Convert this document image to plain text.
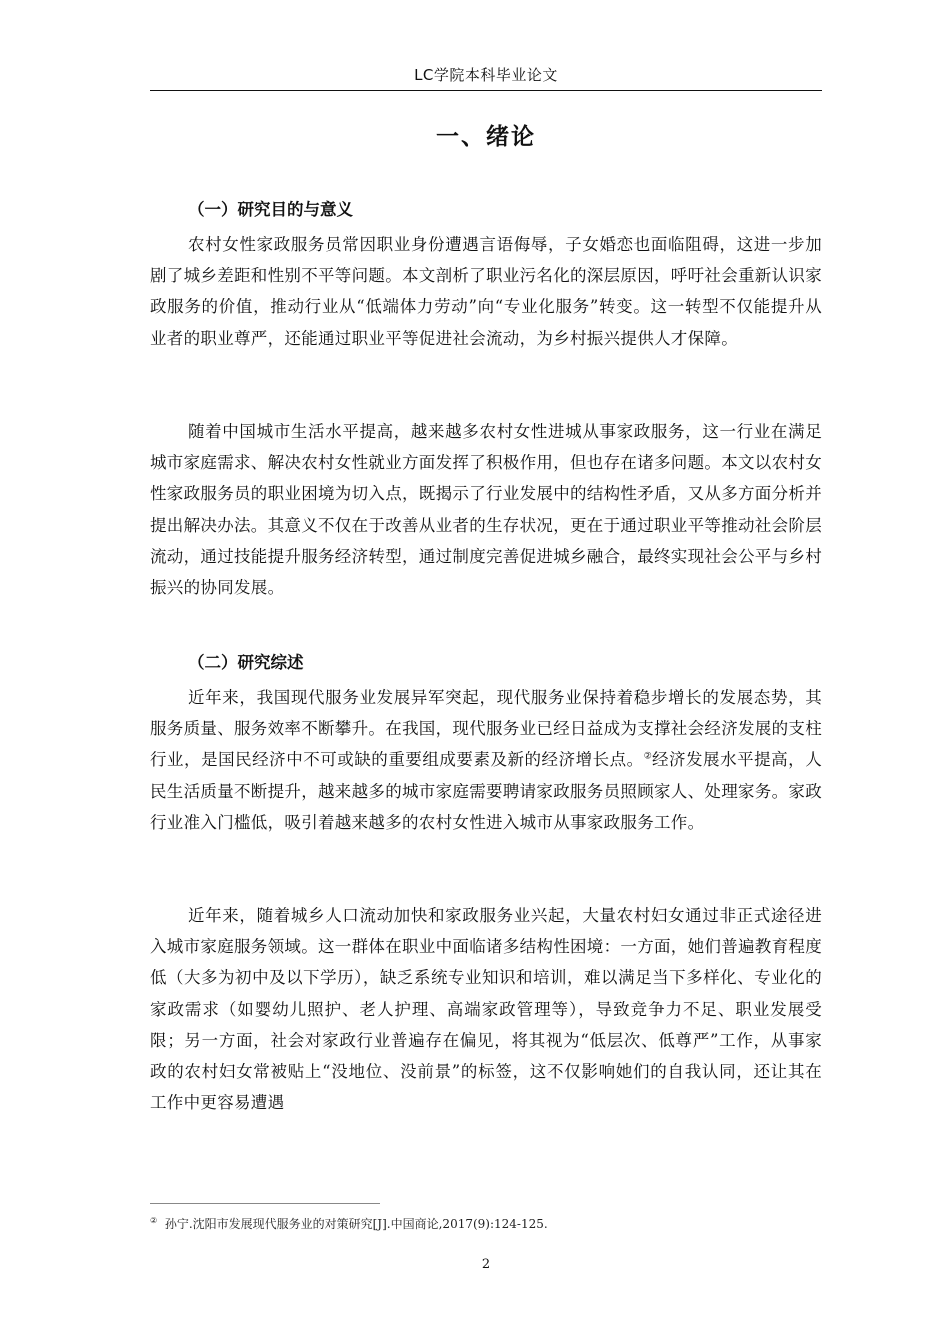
LC学院本科毕业论文
一、绪论
（一）研究目的与意义

农村女性家政服务员常因职业身份遭遇言语侮辱，子女婚恋也面临阻碍，这进一步加剧了城乡差距和性别不平等问题。本文剖析了职业污名化的深层原因，呼吁社会重新认识家政服务的价值，推动行业从“低端体力劳动”向“专业化服务”转变。这一转型不仅能提升从业者的职业尊严，还能通过职业平等促进社会流动，为乡村振兴提供人才保障。

随着中国城市生活水平提高，越来越多农村女性进城从事家政服务，这一行业在满足城市家庭需求、解决农村女性就业方面发挥了积极作用，但也存在诸多问题。本文以农村女性家政服务员的职业困境为切入点，既揭示了行业发展中的结构性矛盾，又从多方面分析并提出解决办法。其意义不仅在于改善从业者的生存状况，更在于通过职业平等推动社会阶层流动，通过技能提升服务经济转型，通过制度完善促进城乡融合，最终实现社会公平与乡村振兴的协同发展。

（二）研究综述

近年来，我国现代服务业发展异军突起，现代服务业保持着稳步增长的发展态势，其服务质量、服务效率不断攀升。在我国，现代服务业已经日益成为支撑社会经济发展的支柱行业，是国民经济中不可或缺的重要组成要素及新的经济增长点。②经济发展水平提高，人民生活质量不断提升，越来越多的城市家庭需要聘请家政服务员照顾家人、处理家务。家政行业准入门槛低，吸引着越来越多的农村女性进入城市从事家政服务工作。

近年来，随着城乡人口流动加快和家政服务业兴起，大量农村妇女通过非正式途径进入城市家庭服务领域。这一群体在职业中面临诸多结构性困境：一方面，她们普遍教育程度低（大多为初中及以下学历），缺乏系统专业知识和培训，难以满足当下多样化、专业化的家政需求（如婴幼儿照护、老人护理、高端家政管理等），导致竞争力不足、职业发展受限；另一方面，社会对家政行业普遍存在偏见，将其视为“低层次、低尊严”工作，从事家政的农村妇女常被贴上“没地位、没前景”的标签，这不仅影响她们的自我认同，还让其在工作中更容易遭遇

② 孙宁.沈阳市发展现代服务业的对策研究[J].中国商论,2017(9):124-125.
2
